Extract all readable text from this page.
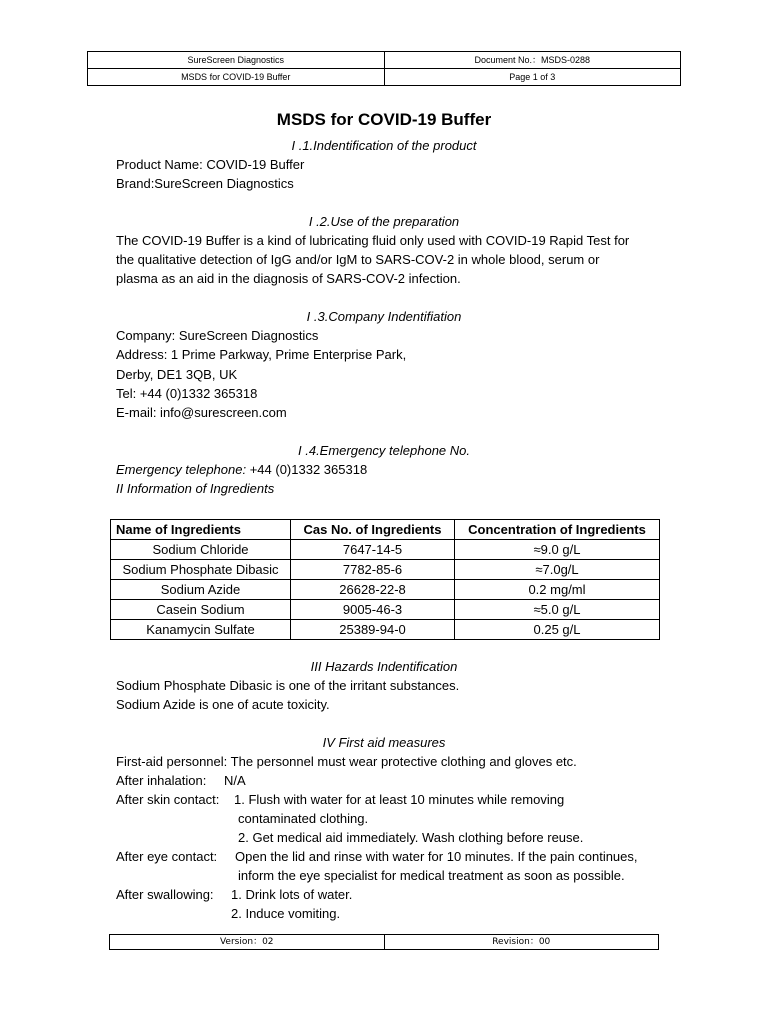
SureScreen Diagnostics	Document No.：MSDS-0288
MSDS for COVID-19 Buffer	Page 1 of 3
MSDS for COVID-19 Buffer
I .1.Indentification of the product
Product Name: COVID-19 Buffer
Brand:SureScreen Diagnostics
I .2.Use of the preparation
The COVID-19 Buffer is a kind of lubricating fluid only used with COVID-19 Rapid Test for
the qualitative detection of IgG and/or IgM to SARS-COV-2 in whole blood, serum or
plasma as an aid in the diagnosis of SARS-COV-2 infection.
I .3.Company Indentifiation
Company: SureScreen Diagnostics
Address: 1 Prime Parkway, Prime Enterprise Park,
Derby, DE1 3QB, UK
Tel: +44 (0)1332 365318
E-mail: info@surescreen.com
I .4.Emergency telephone No.
Emergency telephone: +44 (0)1332 365318
II Information of Ingredients
Name of Ingredients	Cas No. of Ingredients	Concentration of Ingredients
Sodium Chloride	7647-14-5	≈9.0 g/L
Sodium Phosphate Dibasic	7782-85-6	≈7.0g/L
Sodium Azide	26628-22-8	0.2 mg/ml
Casein Sodium	9005-46-3	≈5.0 g/L
Kanamycin Sulfate	25389-94-0	0.25 g/L
III Hazards Indentification
Sodium Phosphate Dibasic is one of the irritant substances.
Sodium Azide is one of acute toxicity.
IV First aid measures
First-aid personnel: The personnel must wear protective clothing and gloves etc.
After inhalation: N/A
After skin contact: 1. Flush with water for at least 10 minutes while removing
contaminated clothing.
2. Get medical aid immediately. Wash clothing before reuse.
After eye contact: Open the lid and rinse with water for 10 minutes. If the pain continues,
inform the eye specialist for medical treatment as soon as possible.
After swallowing: 1. Drink lots of water.
2. Induce vomiting.
Version：02	Revision：00
